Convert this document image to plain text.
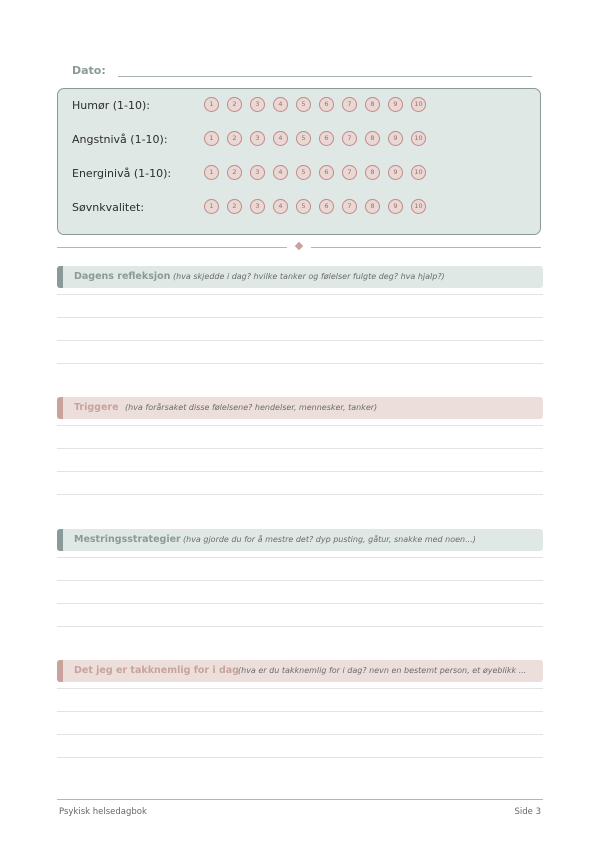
Dato:
Humør (1-10):	1	2	3	4	5	6	7	8	9	10
Angstnivå (1-10):	1	2	3	4	5	6	7	8	9	10
Energinivå (1-10):	1	2	3	4	5	6	7	8	9	10
Søvnkvalitet:	1	2	3	4	5	6	7	8	9	10
Dagens refleksjon (hva skjedde i dag? hvilke tanker og følelser fulgte deg? hva hjalp?)
Triggere (hva forårsaket disse følelsene? hendelser, mennesker, tanker)
Mestringsstrategier (hva gjorde du for å mestre det? dyp pusting, gåtur, snakke med noen...)
Det jeg er takknemlig for i dag (hva er du takknemlig for i dag? nevn en bestemt person, et øyeblikk ...
Psykisk helsedagbok	Side 3
